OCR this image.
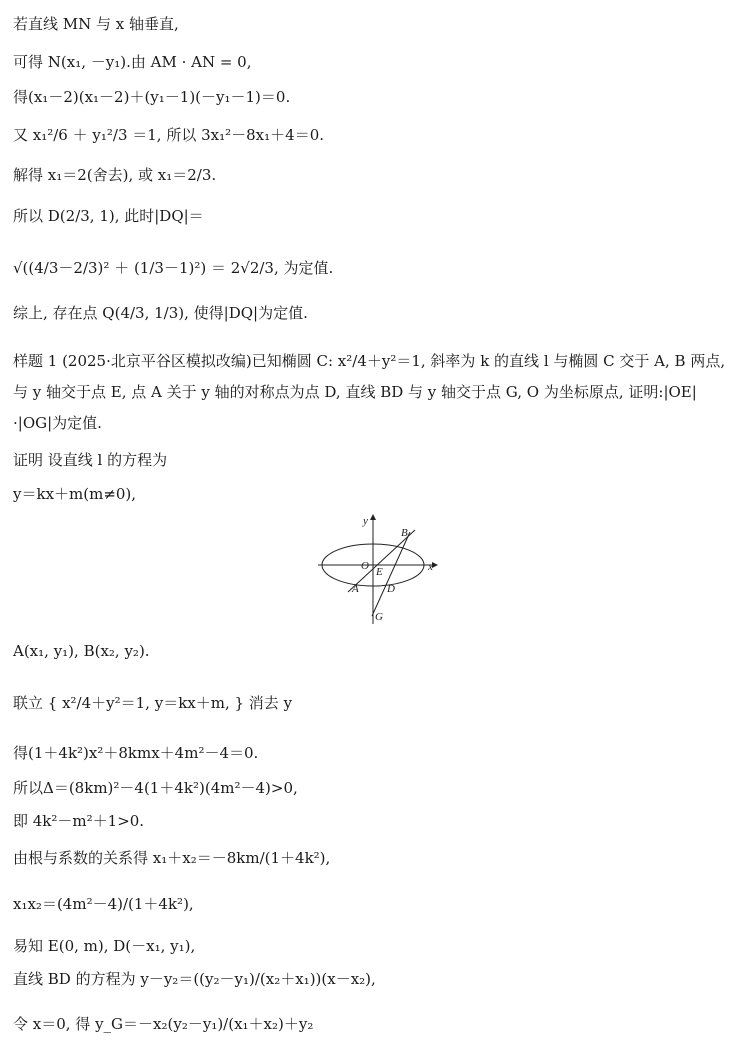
若直线 MN 与 x 轴垂直,
可得 N(x₁, －y₁).由 AM · AN = 0,
得(x₁－2)(x₁－2)＋(y₁－1)(－y₁－1)＝0.
又 x₁²/6 ＋ y₁²/3 ＝1, 所以 3x₁²－8x₁＋4＝0.
解得 x₁＝2(舍去), 或 x₁＝2/3.
所以 D(2/3, 1), 此时|DQ|＝
√((4/3－2/3)² ＋ (1/3－1)²) ＝ 2√2/3, 为定值.
综上, 存在点 Q(4/3, 1/3), 使得|DQ|为定值.
样题 1 (2025·北京平谷区模拟改编)已知椭圆 C: x²/4＋y²＝1, 斜率为 k 的直线 l 与椭圆 C 交于 A, B 两点, 与 y 轴交于点 E, 点 A 关于 y 轴的对称点为点 D, 直线 BD 与 y 轴交于点 G, O 为坐标原点, 证明:|OE|·|OG|为定值.
证明 设直线 l 的方程为
y＝kx＋m(m≠0),
y
B
O	x
E
A	D
G
A(x₁, y₁), B(x₂, y₂).
联立 { x²/4＋y²＝1, y＝kx＋m, } 消去 y
得(1＋4k²)x²＋8kmx＋4m²－4＝0.
所以Δ＝(8km)²－4(1＋4k²)(4m²－4)>0,
即 4k²－m²＋1>0.
由根与系数的关系得 x₁＋x₂＝－8km/(1＋4k²),
x₁x₂＝(4m²－4)/(1＋4k²),
易知 E(0, m), D(－x₁, y₁),
直线 BD 的方程为 y－y₂＝((y₂－y₁)/(x₂＋x₁))(x－x₂),
令 x＝0, 得 y_G＝－x₂(y₂－y₁)/(x₁＋x₂)＋y₂
